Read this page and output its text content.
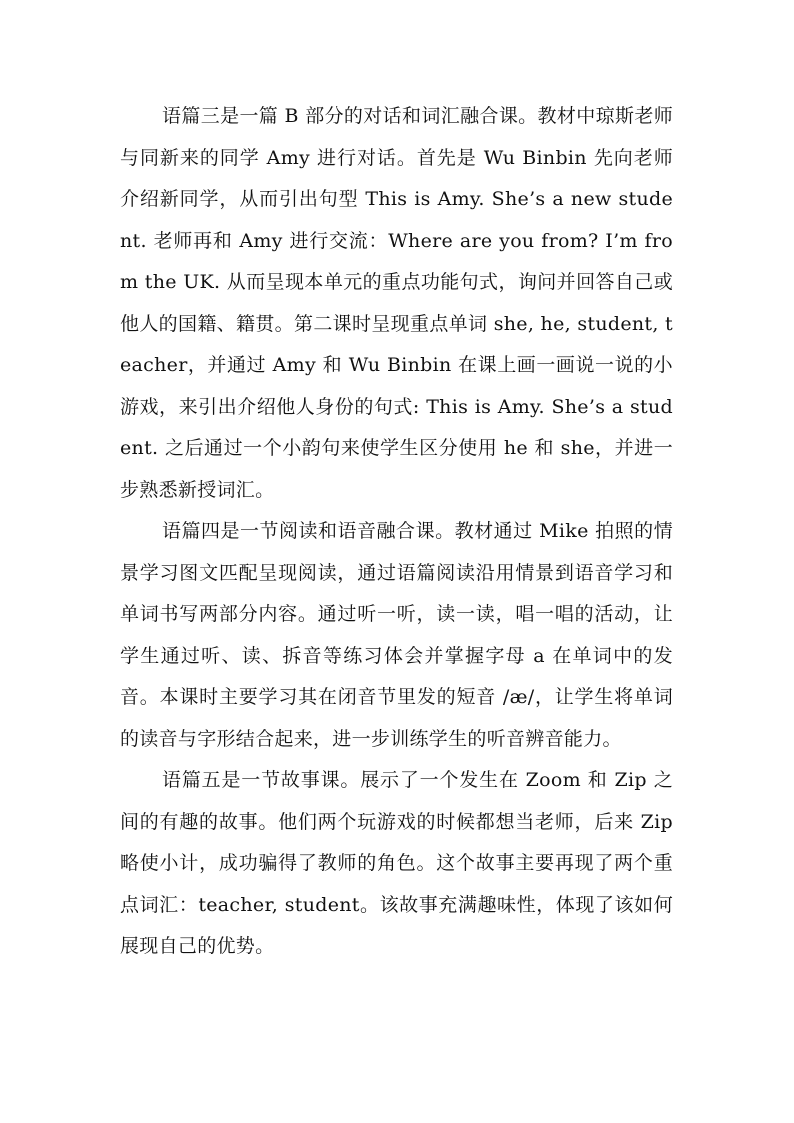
语篇三是一篇 B 部分的对话和词汇融合课。教材中琼斯老师与同新来的同学 Amy 进行对话。首先是 Wu Binbin 先向老师介绍新同学，从而引出句型 This is Amy. She’s a new student. 老师再和 Amy 进行交流：Where are you from? I’m from the UK. 从而呈现本单元的重点功能句式，询问并回答自己或他人的国籍、籍贯。第二课时呈现重点单词 she, he, student, teacher，并通过 Amy 和 Wu Binbin 在课上画一画说一说的小游戏，来引出介绍他人身份的句式: This is Amy. She’s a student. 之后通过一个小韵句来使学生区分使用 he 和 she，并进一步熟悉新授词汇。

语篇四是一节阅读和语音融合课。教材通过 Mike 拍照的情景学习图文匹配呈现阅读，通过语篇阅读沿用情景到语音学习和单词书写两部分内容。通过听一听，读一读，唱一唱的活动，让学生通过听、读、拆音等练习体会并掌握字母 a 在单词中的发音。本课时主要学习其在闭音节里发的短音 /æ/，让学生将单词的读音与字形结合起来，进一步训练学生的听音辨音能力。

语篇五是一节故事课。展示了一个发生在 Zoom 和 Zip 之间的有趣的故事。他们两个玩游戏的时候都想当老师，后来 Zip 略使小计，成功骗得了教师的角色。这个故事主要再现了两个重点词汇：teacher, student。该故事充满趣味性，体现了该如何展现自己的优势。
